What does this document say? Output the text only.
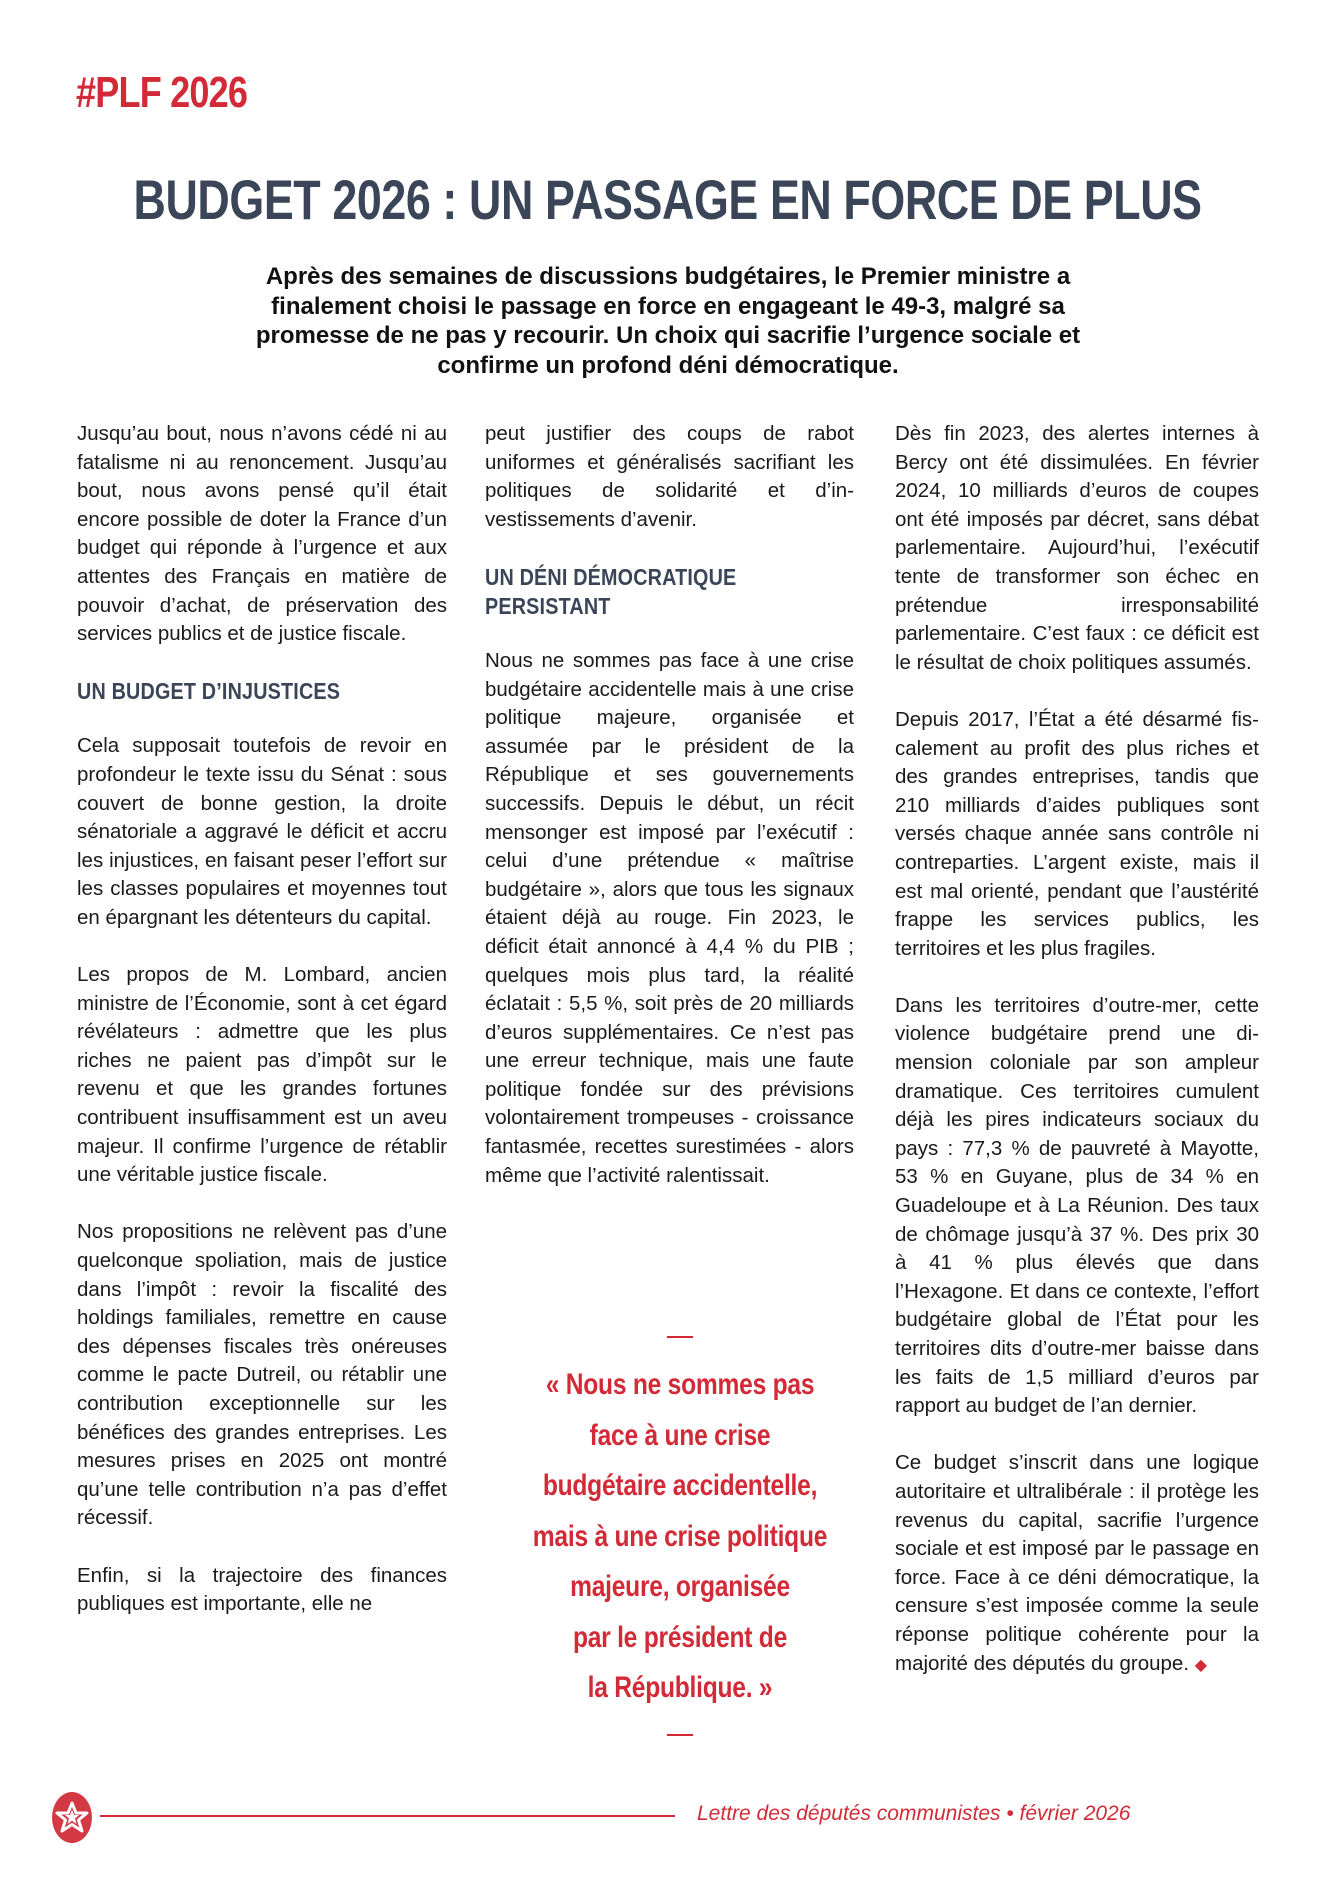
#PLF 2026
BUDGET 2026 : UN PASSAGE EN FORCE DE PLUS
Après des semaines de discussions budgétaires, le Premier ministre a
finalement choisi le passage en force en engageant le 49-3, malgré sa
promesse de ne pas y recourir. Un choix qui sacrifie l’urgence sociale et
confirme un profond déni démocratique.

Jusqu’au bout, nous n’avons cédé ni au fatalisme ni au renoncement. Jusqu’au bout, nous avons pensé qu’il était encore possible de doter la France d’un budget qui réponde à l’urgence et aux attentes des Français en matière de pouvoir d’achat, de préservation des services publics et de justice fiscale.

UN BUDGET D’INJUSTICES

Cela supposait toutefois de revoir en profondeur le texte issu du Sénat : sous couvert de bonne gestion, la droite sénatoriale a aggravé le déficit et accru les injustices, en faisant peser l’effort sur les classes populaires et moyennes tout en épargnant les détenteurs du capital.

Les propos de M. Lombard, ancien ministre de l’Économie, sont à cet égard révélateurs : admettre que les plus riches ne paient pas d’impôt sur le revenu et que les grandes fortunes contribuent insuffisamment est un aveu majeur. Il confirme l’urgence de rétablir une véritable justice fiscale.

Nos propositions ne relèvent pas d’une quelconque spoliation, mais de justice dans l’impôt : revoir la fiscalité des holdings familiales, remettre en cause des dépenses fiscales très onéreuses comme le pacte Dutreil, ou rétablir une contribution exceptionnelle sur les bénéfices des grandes entreprises. Les mesures prises en 2025 ont montré qu’une telle contribution n’a pas d’effet récessif.

Enfin, si la trajectoire des finances publiques est importante, elle ne

peut justifier des coups de rabot uniformes et généralisés sacrifiant les politiques de solidarité et d’investissements d’avenir.

UN DÉNI DÉMOCRATIQUE PERSISTANT

Nous ne sommes pas face à une crise budgétaire accidentelle mais à une crise politique majeure, organisée et assumée par le président de la République et ses gouvernements successifs. Depuis le début, un récit mensonger est imposé par l’exécutif : celui d’une prétendue « maîtrise budgétaire », alors que tous les signaux étaient déjà au rouge. Fin 2023, le déficit était annoncé à 4,4 % du PIB ; quelques mois plus tard, la réalité éclatait : 5,5 %, soit près de 20 milliards d’euros supplémentaires. Ce n’est pas une erreur technique, mais une faute politique fondée sur des prévisions volontairement trompeuses - croissance fantasmée, recettes surestimées - alors même que l’activité ralentissait.

« Nous ne sommes pas
face à une crise
budgétaire accidentelle,
mais à une crise politique
majeure, organisée
par le président de
la République. »

Dès fin 2023, des alertes internes à Bercy ont été dissimulées. En février 2024, 10 milliards d’euros de coupes ont été imposés par décret, sans débat parlementaire. Aujourd’hui, l’exécutif tente de transformer son échec en prétendue irresponsabilité parlementaire. C’est faux : ce déficit est le résultat de choix politiques assumés.

Depuis 2017, l’État a été désarmé fiscalement au profit des plus riches et des grandes entreprises, tandis que 210 milliards d’aides publiques sont versés chaque année sans contrôle ni contreparties. L’argent existe, mais il est mal orienté, pendant que l’austérité frappe les services publics, les territoires et les plus fragiles.

Dans les territoires d’outre-mer, cette violence budgétaire prend une dimension coloniale par son ampleur dramatique. Ces territoires cumulent déjà les pires indicateurs sociaux du pays : 77,3 % de pauvreté à Mayotte, 53 % en Guyane, plus de 34 % en Guadeloupe et à La Réunion. Des taux de chômage jusqu’à 37 %. Des prix 30 à 41 % plus élevés que dans l’Hexagone. Et dans ce contexte, l’effort budgétaire global de l’État pour les territoires dits d’outre-mer baisse dans les faits de 1,5 milliard d’euros par rapport au budget de l’an dernier.

Ce budget s’inscrit dans une logique autoritaire et ultralibérale : il protège les revenus du capital, sacrifie l’urgence sociale et est imposé par le passage en force. Face à ce déni démocratique, la censure s’est imposée comme la seule réponse politique cohérente pour la majorité des députés du groupe. ◆

Lettre des députés communistes • février 2026
